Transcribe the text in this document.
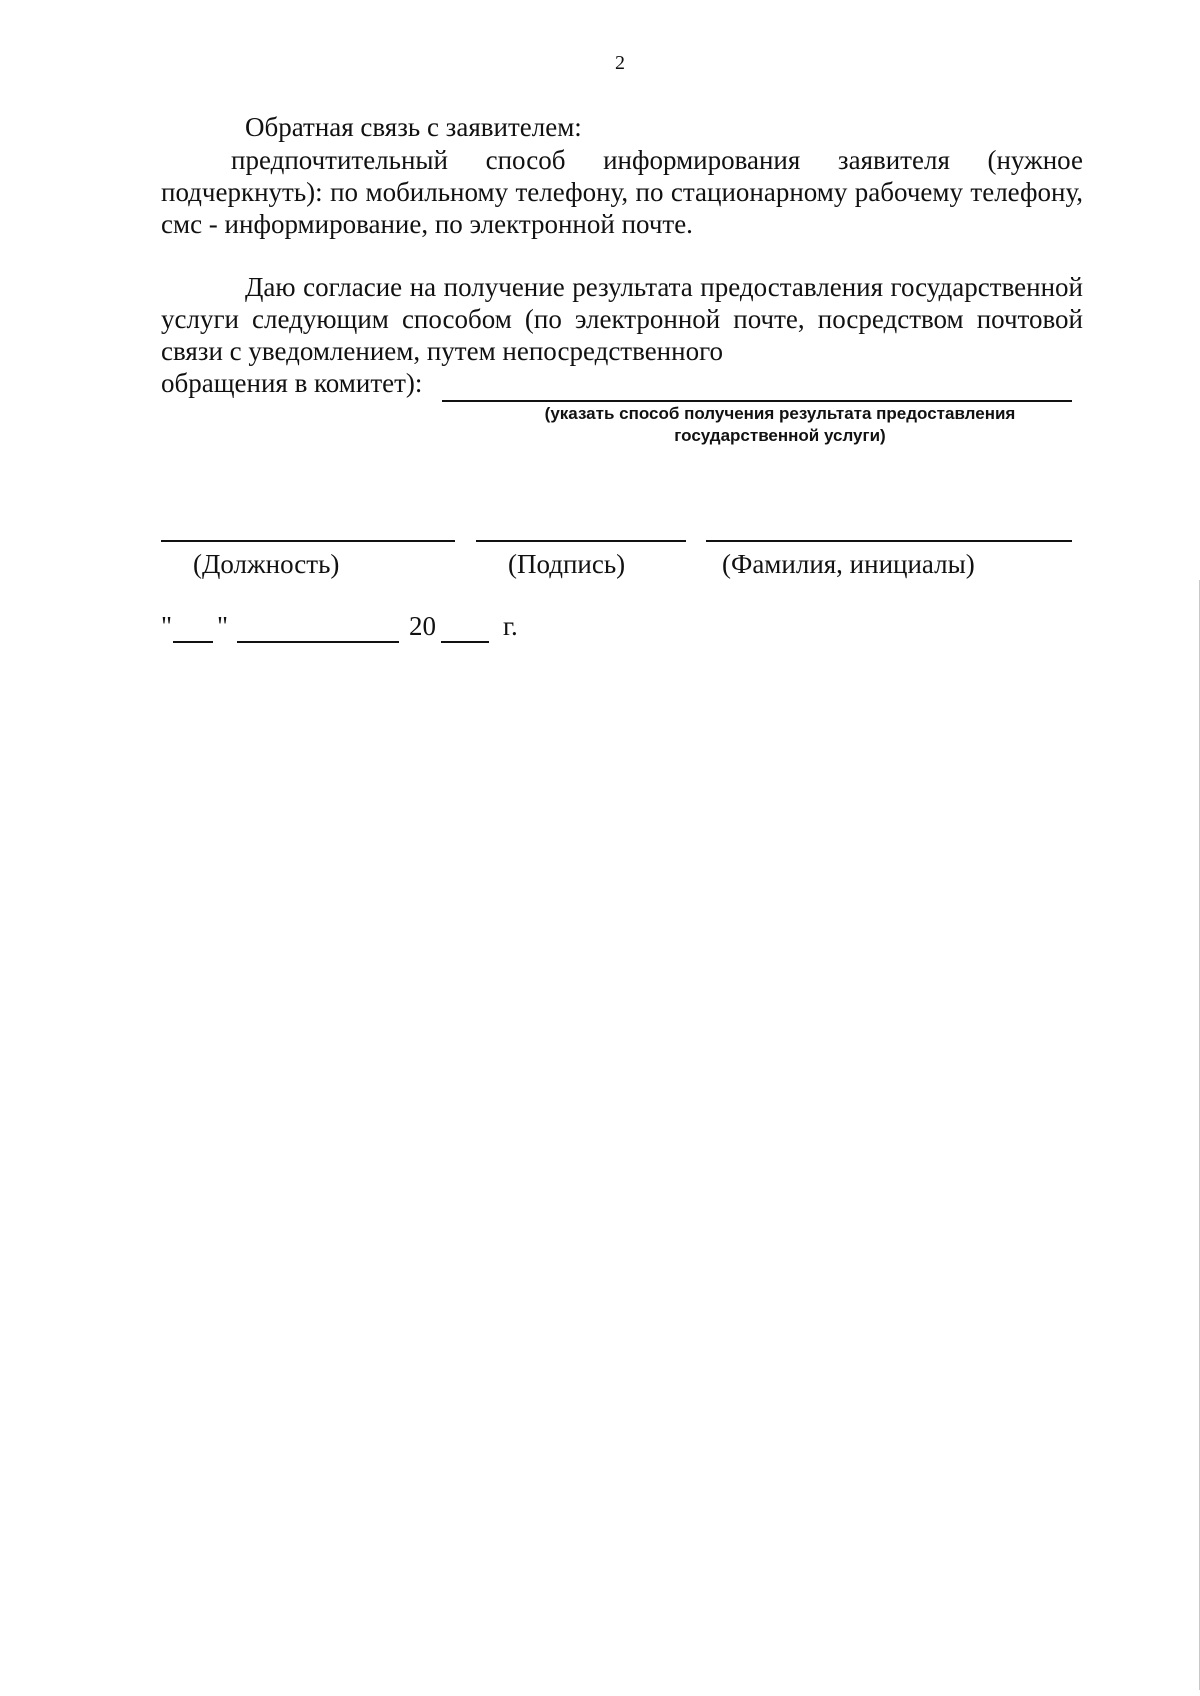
2
Обратная связь с заявителем:
предпочтительный способ информирования заявителя (нужное подчеркнуть): по мобильному телефону, по стационарному рабочему телефону, смс - информирование, по электронной почте.
Даю согласие на получение результата предоставления государственной услуги следующим способом (по электронной почте, посредством почтовой связи с уведомлением, путем непосредственного
обращения в комитет):
(указать способ получения результата предоставления
государственной услуги)
(Должность)	(Подпись)	(Фамилия, инициалы)
" "	20 г.
